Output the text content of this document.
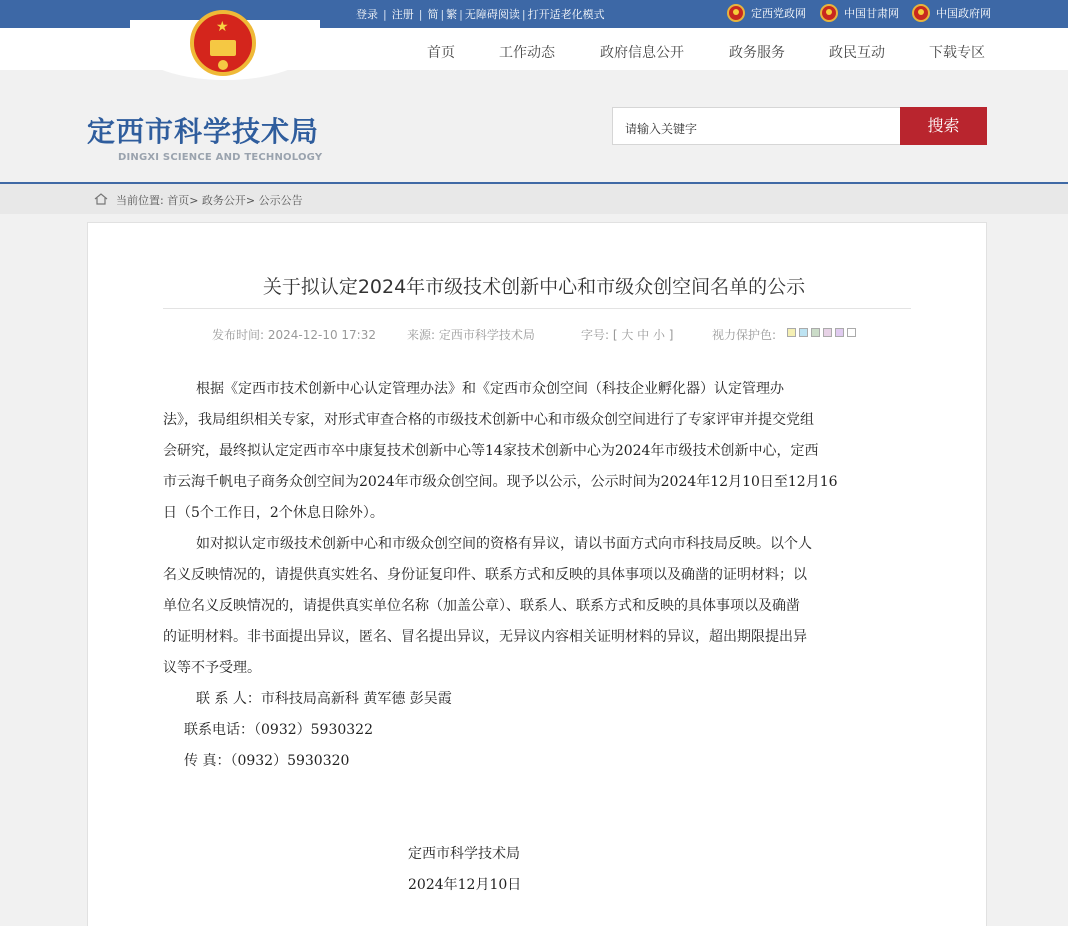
登录 | 注册 | 简 | 繁 | 无障碍阅读 | 打开适老化模式	定西党政网	中国甘肃网	中国政府网
★
首页	工作动态	政府信息公开	政务服务	政民互动	下载专区
定西市科学技术局
DINGXI SCIENCE AND TECHNOLOGY
请输入关键字	搜索
当前位置: 首页> 政务公开> 公示公告
关于拟认定2024年市级技术创新中心和市级众创空间名单的公示
发布时间: 2024-12-10 17:32	来源: 定西市科学技术局	字号: [ 大 中 小 ]	视力保护色:
根据《定西市技术创新中心认定管理办法》和《定西市众创空间（科技企业孵化器）认定管理办
法》，我局组织相关专家，对形式审查合格的市级技术创新中心和市级众创空间进行了专家评审并提交党组
会研究，最终拟认定定西市卒中康复技术创新中心等14家技术创新中心为2024年市级技术创新中心，定西
市云海千帆电子商务众创空间为2024年市级众创空间。现予以公示，公示时间为2024年12月10日至12月16
日（5个工作日，2个休息日除外）。
如对拟认定市级技术创新中心和市级众创空间的资格有异议，请以书面方式向市科技局反映。以个人
名义反映情况的，请提供真实姓名、身份证复印件、联系方式和反映的具体事项以及确凿的证明材料；以
单位名义反映情况的，请提供真实单位名称（加盖公章）、联系人、联系方式和反映的具体事项以及确凿
的证明材料。非书面提出异议，匿名、冒名提出异议，无异议内容相关证明材料的异议，超出期限提出异
议等不予受理。
联 系 人：市科技局高新科 黄军德 彭吴霞
联系电话：（0932）5930322
传 真：（0932）5930320
定西市科学技术局
2024年12月10日
